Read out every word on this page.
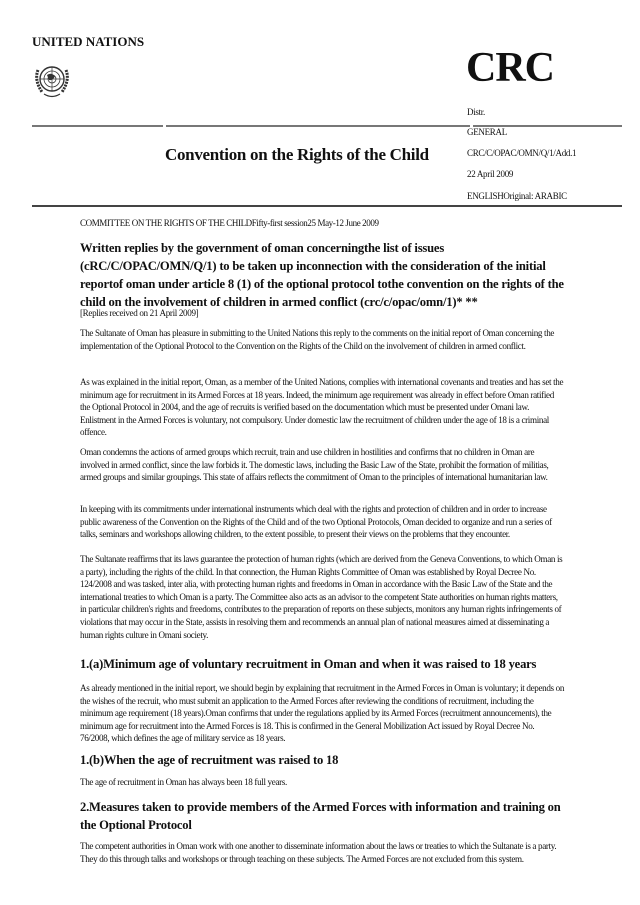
UNITED NATIONS
CRC
Distr.
GENERAL
CRC/C/OPAC/OMN/Q/1/Add.1
22 April 2009
ENGLISHOriginal: ARABIC
Convention on the Rights of the Child
COMMITTEE ON THE RIGHTS OF THE CHILDFifty-first session25 May-12 June 2009
Written replies by the government of oman concerningthe list of issues (cRC/C/OPAC/OMN/Q/1) to be taken up inconnection with the consideration of the initial reportof oman under article 8 (1) of the optional protocol tothe convention on the rights of the child on the involvement of children in armed conflict (crc/c/opac/omn/1)* **
[Replies received on 21 April 2009]
The Sultanate of Oman has pleasure in submitting to the United Nations this reply to the comments on the initial report of Oman concerning the implementation of the Optional Protocol to the Convention on the Rights of the Child on the involvement of children in armed conflict.
As was explained in the initial report, Oman, as a member of the United Nations, complies with international covenants and treaties and has set the minimum age for recruitment in its Armed Forces at 18 years. Indeed, the minimum age requirement was already in effect before Oman ratified the Optional Protocol in 2004, and the age of recruits is verified based on the documentation which must be presented under Omani law. Enlistment in the Armed Forces is voluntary, not compulsory. Under domestic law the recruitment of children under the age of 18 is a criminal offence.
Oman condemns the actions of armed groups which recruit, train and use children in hostilities and confirms that no children in Oman are involved in armed conflict, since the law forbids it. The domestic laws, including the Basic Law of the State, prohibit the formation of militias, armed groups and similar groupings. This state of affairs reflects the commitment of Oman to the principles of international humanitarian law.
In keeping with its commitments under international instruments which deal with the rights and protection of children and in order to increase public awareness of the Convention on the Rights of the Child and of the two Optional Protocols, Oman decided to organize and run a series of talks, seminars and workshops allowing children, to the extent possible, to present their views on the problems that they encounter.
The Sultanate reaffirms that its laws guarantee the protection of human rights (which are derived from the Geneva Conventions, to which Oman is a party), including the rights of the child. In that connection, the Human Rights Committee of Oman was established by Royal Decree No. 124/2008 and was tasked, inter alia, with protecting human rights and freedoms in Oman in accordance with the Basic Law of the State and the international treaties to which Oman is a party. The Committee also acts as an advisor to the competent State authorities on human rights matters, in particular children's rights and freedoms, contributes to the preparation of reports on these subjects, monitors any human rights infringements of violations that may occur in the State, assists in resolving them and recommends an annual plan of national measures aimed at disseminating a human rights culture in Omani society.
1.(a)Minimum age of voluntary recruitment in Oman and when it was raised to 18 years
As already mentioned in the initial report, we should begin by explaining that recruitment in the Armed Forces in Oman is voluntary; it depends on the wishes of the recruit, who must submit an application to the Armed Forces after reviewing the conditions of recruitment, including the minimum age requirement (18 years).Oman confirms that under the regulations applied by its Armed Forces (recruitment announcements), the minimum age for recruitment into the Armed Forces is 18. This is confirmed in the General Mobilization Act issued by Royal Decree No. 76/2008, which defines the age of military service as 18 years.
1.(b)When the age of recruitment was raised to 18
The age of recruitment in Oman has always been 18 full years.
2.Measures taken to provide members of the Armed Forces with information and training on the Optional Protocol
The competent authorities in Oman work with one another to disseminate information about the laws or treaties to which the Sultanate is a party. They do this through talks and workshops or through teaching on these subjects. The Armed Forces are not excluded from this system.
